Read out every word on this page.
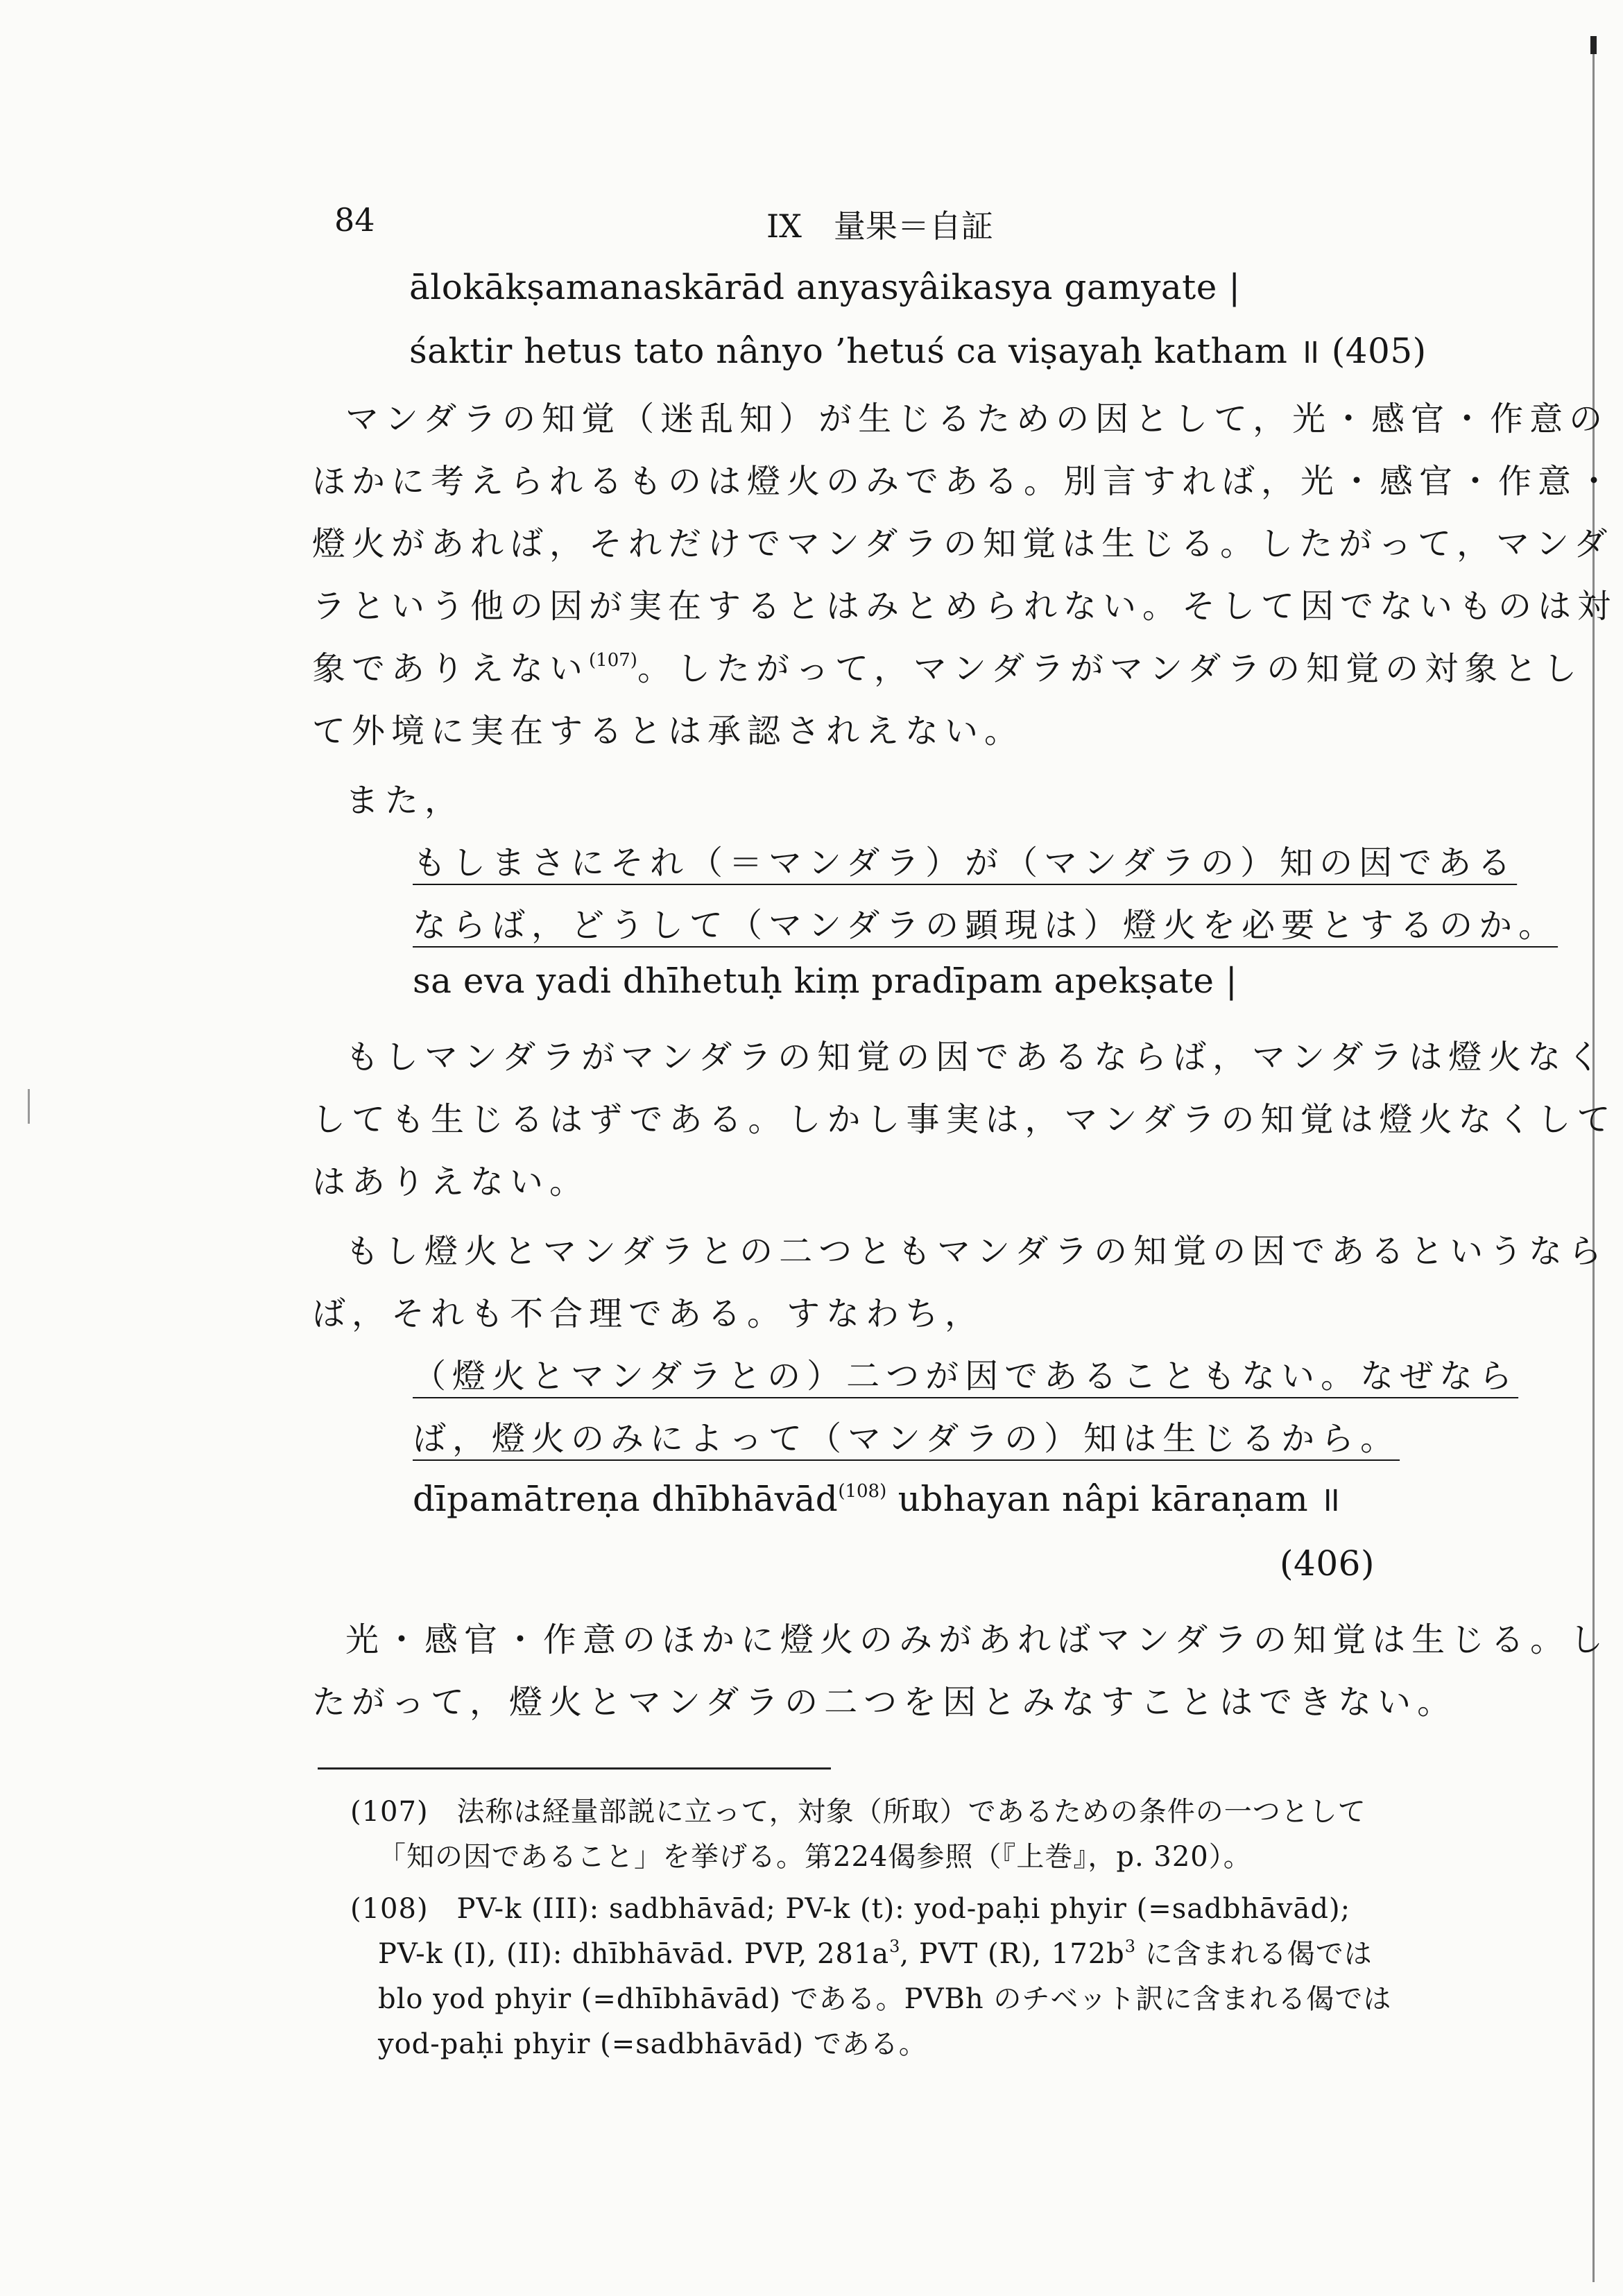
84	IX　量果＝自証
ālokākṣamanaskārād anyasyâikasya gamyate |
śaktir hetus tato nânyo ’hetuś ca viṣayaḥ katham ॥ (405)
マンダラの知覚（迷乱知）が生じるための因として，光・感官・作意の
ほかに考えられるものは燈火のみである。別言すれば，光・感官・作意・
燈火があれば，それだけでマンダラの知覚は生じる。したがって，マンダ
ラという他の因が実在するとはみとめられない。そして因でないものは対
象でありえない$^{(107)}$。したがって，マンダラがマンダラの知覚の対象とし
て外境に実在するとは承認されえない。
また，
もしまさにそれ（＝マンダラ）が（マンダラの）知の因である
ならば，どうして（マンダラの顕現は）燈火を必要とするのか。
sa eva yadi dhīhetuḥ kiṃ pradīpam apekṣate |
もしマンダラがマンダラの知覚の因であるならば，マンダラは燈火なく
しても生じるはずである。しかし事実は，マンダラの知覚は燈火なくして
はありえない。
もし燈火とマンダラとの二つともマンダラの知覚の因であるというなら
ば，それも不合理である。すなわち，
（燈火とマンダラとの）二つが因であることもない。なぜなら
ば，燈火のみによって（マンダラの）知は生じるから。
dīpamātreṇa dhībhāvād$^{(108)}$ ubhayan nâpi kāraṇam ॥
(406)
光・感官・作意のほかに燈火のみがあればマンダラの知覚は生じる。し
たがって，燈火とマンダラの二つを因とみなすことはできない。
(107)　法称は経量部説に立って，対象（所取）であるための条件の一つとして
「知の因であること」を挙げる。第224偈参照（『上巻』，p. 320）。
(108)　PV-k (III): sadbhāvād; PV-k (t): yod-paḥi phyir (=sadbhāvād);
PV-k (I), (II): dhībhāvād. PVP, $281a^3$, PVT (R), $172b^3$ に含まれる偈では
blo yod phyir (=dhībhāvād) である。PVBh のチベット訳に含まれる偈では
yod-paḥi phyir (=sadbhāvād) である。
